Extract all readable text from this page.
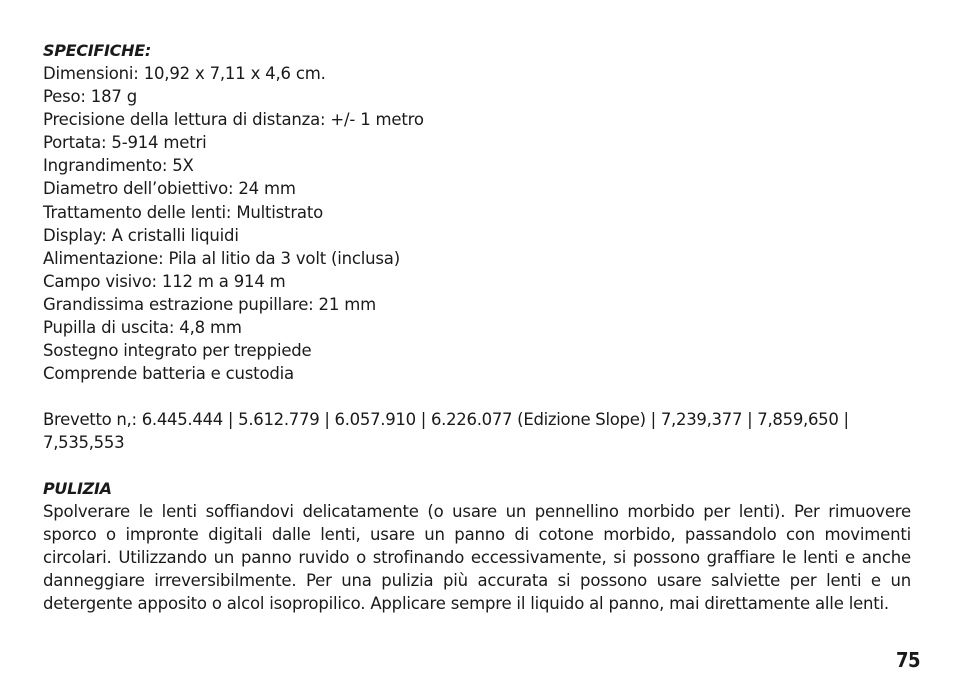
SPECIFICHE:
Dimensioni: 10,92 x 7,11 x 4,6 cm.
Peso: 187 g
Precisione della lettura di distanza: +/- 1 metro
Portata: 5-914 metri
Ingrandimento: 5X
Diametro dell’obiettivo: 24 mm
Trattamento delle lenti: Multistrato
Display: A cristalli liquidi
Alimentazione: Pila al litio da 3 volt (inclusa)
Campo visivo: 112 m a 914 m
Grandissima estrazione pupillare: 21 mm
Pupilla di uscita: 4,8 mm
Sostegno integrato per treppiede
Comprende batteria e custodia
Brevetto n,: 6.445.444 | 5.612.779 | 6.057.910 | 6.226.077 (Edizione Slope) | 7,239,377 | 7,859,650 | 7,535,553
PULIZIA
Spolverare le lenti soffiandovi delicatamente (o usare un pennellino morbido per lenti). Per rimuovere sporco o impronte digitali dalle lenti, usare un panno di cotone morbido, passandolo con movimenti circolari. Utilizzando un panno ruvido o strofinando eccessivamente, si possono graffiare le lenti e anche danneggiare irreversibilmente. Per una pulizia più accurata si possono usare salviette per lenti e un detergente apposito o alcol isopropilico. Applicare sempre il liquido al panno, mai direttamente alle lenti.
75
